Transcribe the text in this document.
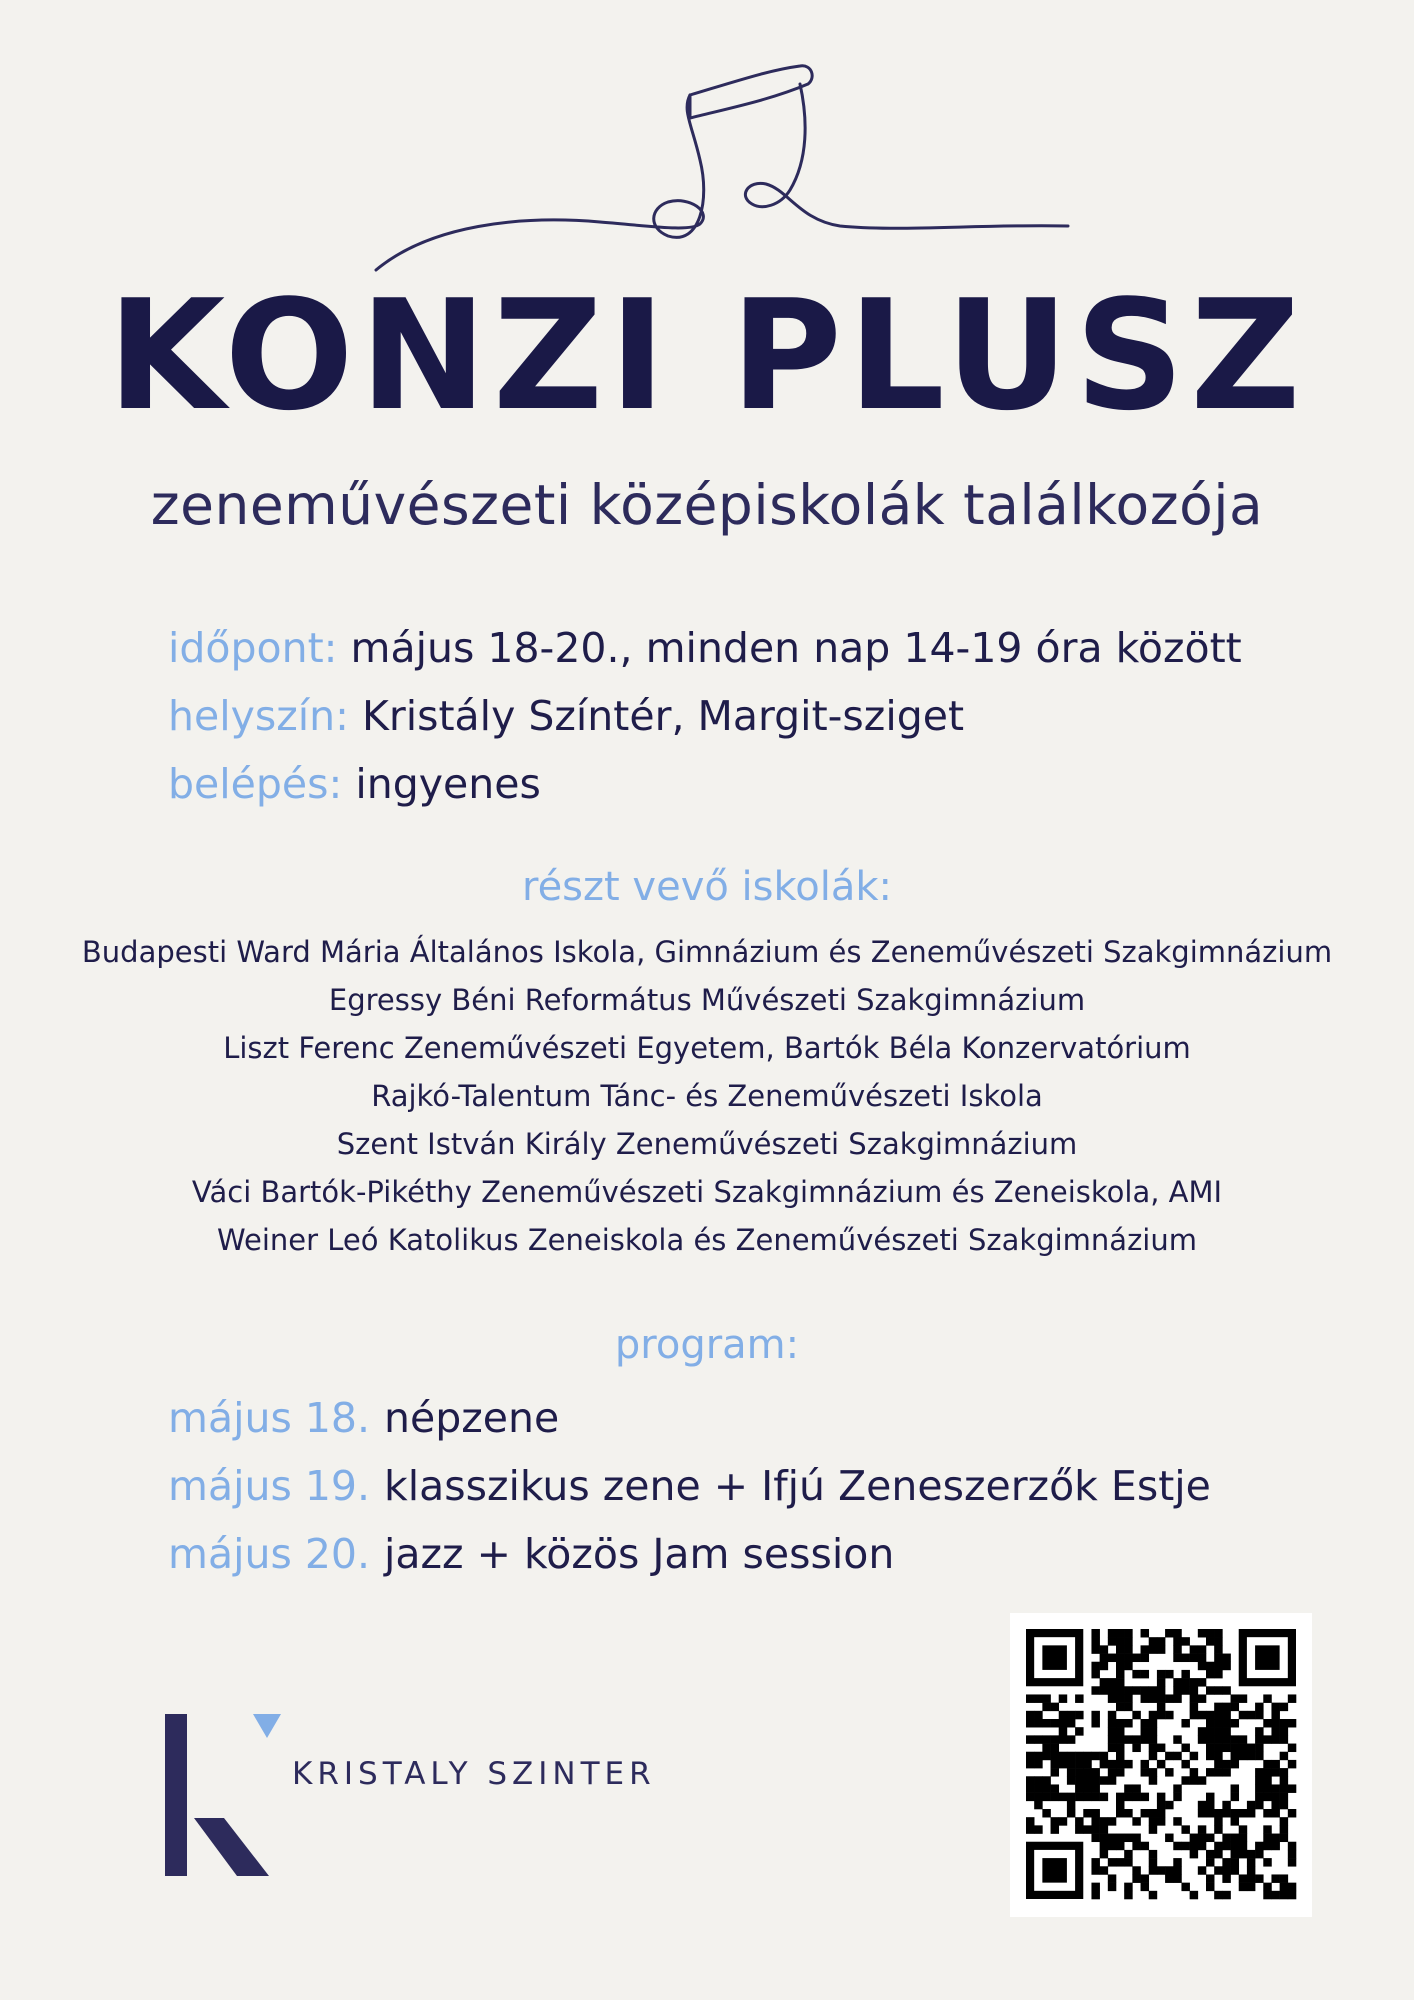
KONZI PLUSZ
zeneművészeti középiskolák találkozója
időpont: május 18-20., minden nap 14-19 óra között
helyszín: Kristály Színtér, Margit-sziget
belépés: ingyenes
részt vevő iskolák:
Budapesti Ward Mária Általános Iskola, Gimnázium és Zeneművészeti Szakgimnázium
Egressy Béni Református Művészeti Szakgimnázium
Liszt Ferenc Zeneművészeti Egyetem, Bartók Béla Konzervatórium
Rajkó-Talentum Tánc- és Zeneművészeti Iskola
Szent István Király Zeneművészeti Szakgimnázium
Váci Bartók-Pikéthy Zeneművészeti Szakgimnázium és Zeneiskola, AMI
Weiner Leó Katolikus Zeneiskola és Zeneművészeti Szakgimnázium
program:
május 18. népzene
május 19. klasszikus zene + Ifjú Zeneszerzők Estje
május 20. jazz + közös Jam session
KRISTALY SZINTER
